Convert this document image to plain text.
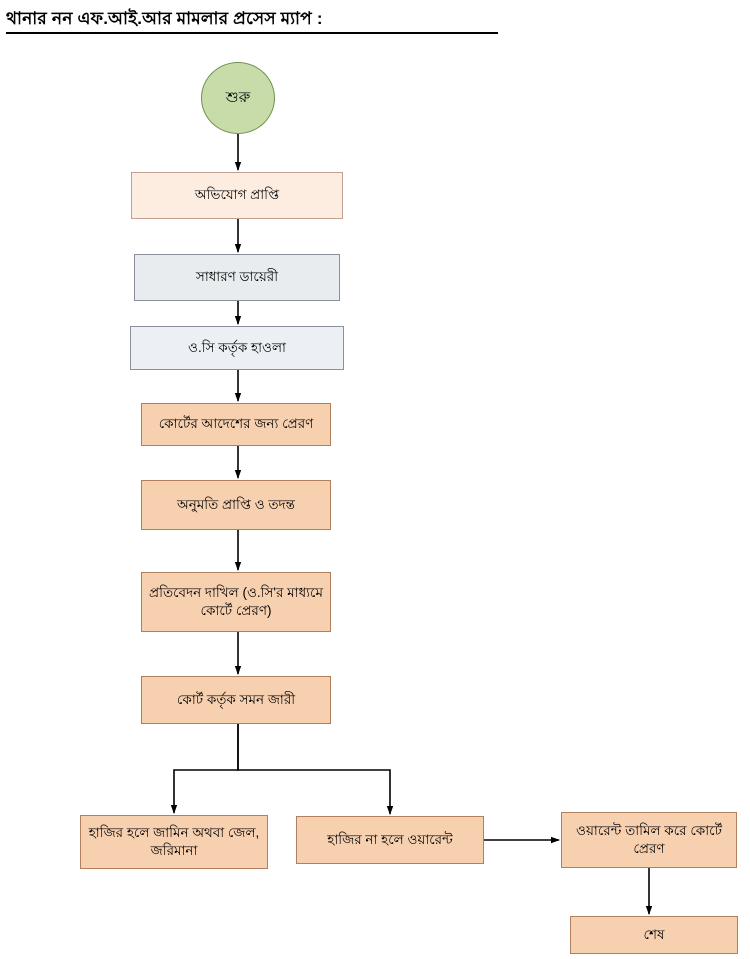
থানার নন এফ.আই.আর মামলার প্রসেস ম্যাপ :
শুরু
অভিযোগ প্রাপ্তি
সাধারণ ডায়েরী
ও.সি কর্তৃক হাওলা
কোর্টের আদেশের জন্য প্রেরণ
অনুমতি প্রাপ্তি ও তদন্ত
প্রতিবেদন দাখিল (ও.সি'র মাধ্যমে কোর্টে প্রেরণ)
কোর্ট কর্তৃক সমন জারী
হাজির হলে জামিন অথবা জেল, জরিমানা
হাজির না হলে ওয়ারেন্ট
ওয়ারেন্ট তামিল করে কোর্টে প্রেরণ
শেষ
